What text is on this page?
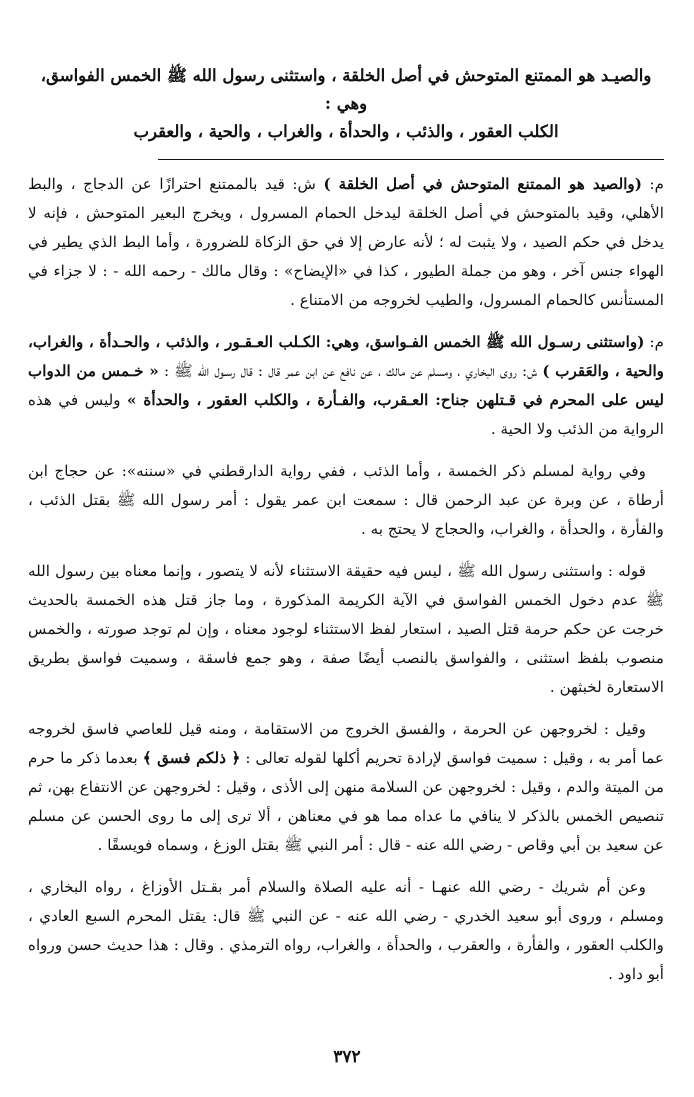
والصيـد هو الممتنع المتوحش في أصل الخلقة ، واستثنى رسول الله ﷺ الخمس الفواسق، وهي :
الكلب العقور ، والذئب ، والحدأة ، والغراب ، والحية ، والعقرب

م: (والصيد هو الممتنع المتوحش في أصل الخلقة ) ش: قيد بالممتنع احترازًا عن الدجاج ، والبط الأهلي، وقيد بالمتوحش في أصل الخلقة ليدخل الحمام المسرول ، ويخرج البعير المتوحش ، فإنه لا يدخل في حكم الصيد ، ولا يثبت له ؛ لأنه عارض إلا في حق الزكاة للضرورة ، وأما البط الذي يطير في الهواء جنس آخر ، وهو من جملة الطيور ، كذا في «الإيضاح» : وقال مالك - رحمه الله - : لا جزاء في المستأنس كالحمام المسرول، والطيب لخروجه من الامتناع .

م: (واستثنى رسـول الله ﷺ الخمس الفـواسق، وهي: الكـلب العـقـور ، والذئب ، والحـدأة ، والغراب، والحية ، والعَقرب ) ش: روى البخاري ، ومسلم عن مالك ، عن نافع عن ابن عمر قال : قال رسـول الله ﷺ : « خـمس من الدواب ليس على المحرم في قـتلهن جناح: العـقرب، والفـأرة ، والكلب العقور ، والحدأة » وليس في هذه الرواية من الذئب ولا الحية .

وفي رواية لمسلم ذكر الخمسة ، وأما الذئب ، ففي رواية الدارقطني في «سننه»: عن حجاج ابن أرطاة ، عن وبرة عن عبد الرحمن قال : سمعت ابن عمر يقول : أمر رسول الله ﷺ بقتل الذئب ، والفأرة ، والحدأة ، والغراب، والحجاج لا يحتج به .

قوله : واستثنى رسول الله ﷺ ، ليس فيه حقيقة الاستثناء لأنه لا يتصور ، وإنما معناه بين رسول الله ﷺ عدم دخول الخمس الفواسق في الآية الكريمة المذكورة ، وما جاز قتل هذه الخمسة بالحديث خرجت عن حكم حرمة قتل الصيد ، استعار لفظ الاستثناء لوجود معناه ، وإن لم توجد صورته ، والخمس منصوب بلفظ استثنى ، والفواسق بالنصب أيضًا صفة ، وهو جمع فاسقة ، وسميت فواسق بطريق الاستعارة لخبثهن .

وقيل : لخروجهن عن الحرمة ، والفسق الخروج من الاستقامة ، ومنه قيل للعاصي فاسق لخروجه عما أمر به ، وقيل : سميت فواسق لإرادة تحريم أكلها لقوله تعالى : ﴿ ذلكم فسق ﴾ بعدما ذكر ما حرم من الميتة والدم ، وقيل : لخروجهن عن السلامة منهن إلى الأذى ، وقيل : لخروجهن عن الانتفاع بهن، ثم تنصيص الخمس بالذكر لا ينافي ما عداه مما هو في معناهن ، ألا ترى إلى ما روى الحسن عن مسلم عن سعيد بن أبي وقاص - رضي الله عنه - قال : أمر النبي ﷺ بقتل الوزغ ، وسماه فويسقًا .

وعن أم شريك - رضي الله عنهـا - أنه عليه الصلاة والسلام أمر بقـتل الأوزاغ ، رواه البخاري ، ومسلم ، وروى أبو سعيد الخدري - رضي الله عنه - عن النبي ﷺ قال: يقتل المحرم السبع العادي ، والكلب العقور ، والفأرة ، والعقرب ، والحدأة ، والغراب، رواه الترمذي . وقال : هذا حديث حسن ورواه أبو داود .

٣٧٢
